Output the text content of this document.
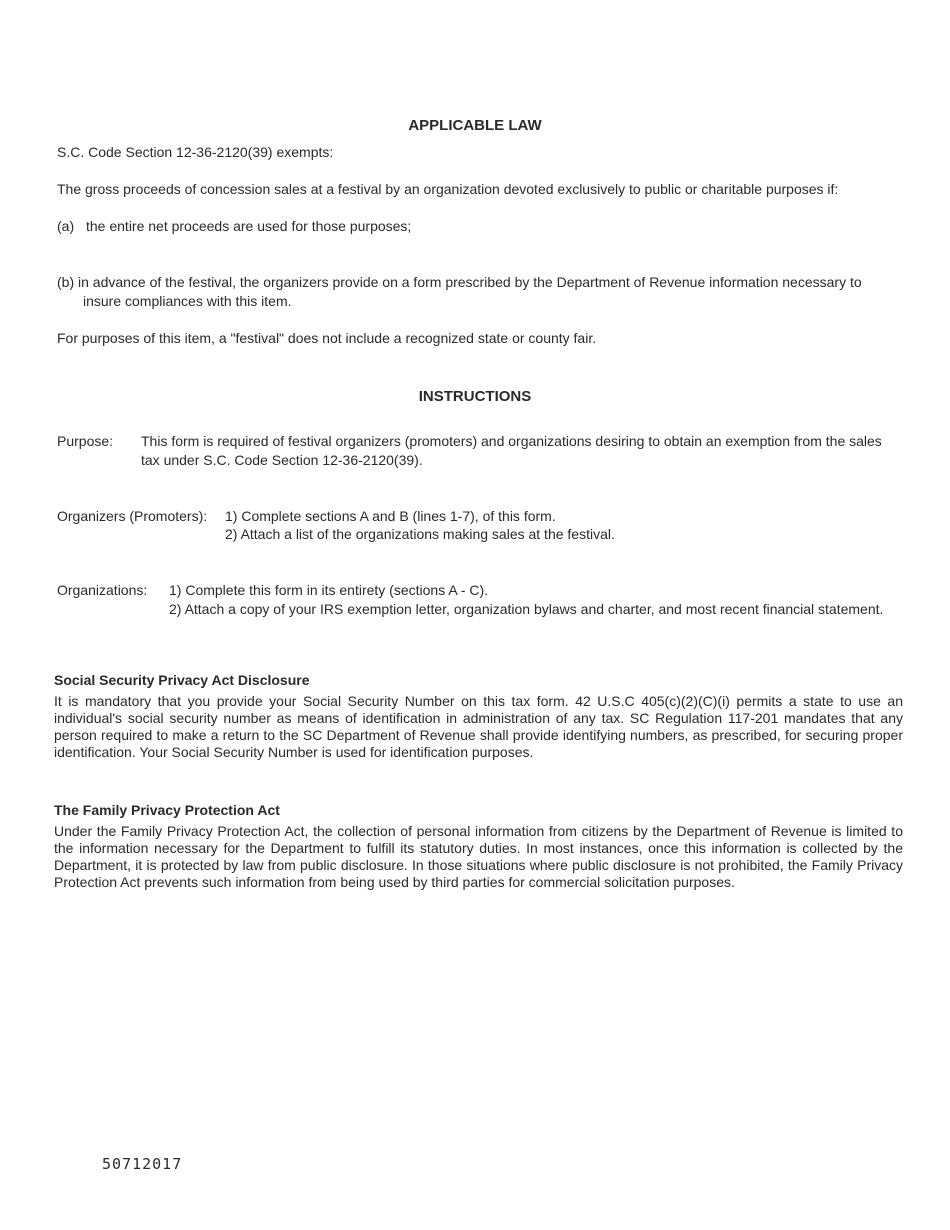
APPLICABLE LAW
S.C. Code Section 12-36-2120(39) exempts:
The gross proceeds of concession sales at a festival by an organization devoted exclusively to public or charitable purposes if:
(a) the entire net proceeds are used for those purposes;
(b) in advance of the festival, the organizers provide on a form prescribed by the Department of Revenue information necessary to
insure compliances with this item.
For purposes of this item, a "festival" does not include a recognized state or county fair.
INSTRUCTIONS
Purpose: This form is required of festival organizers (promoters) and organizations desiring to obtain an exemption from the sales
tax under S.C. Code Section 12-36-2120(39).
Organizers (Promoters): 1) Complete sections A and B (lines 1-7), of this form.
2) Attach a list of the organizations making sales at the festival.
Organizations: 1) Complete this form in its entirety (sections A - C).
2) Attach a copy of your IRS exemption letter, organization bylaws and charter, and most recent financial statement.
Social Security Privacy Act Disclosure
It is mandatory that you provide your Social Security Number on this tax form. 42 U.S.C 405(c)(2)(C)(i) permits a state to use an individual's social security number as means of identification in administration of any tax. SC Regulation 117-201 mandates that any person required to make a return to the SC Department of Revenue shall provide identifying numbers, as prescribed, for securing proper identification. Your Social Security Number is used for identification purposes.
The Family Privacy Protection Act
Under the Family Privacy Protection Act, the collection of personal information from citizens by the Department of Revenue is limited to the information necessary for the Department to fulfill its statutory duties. In most instances, once this information is collected by the Department, it is protected by law from public disclosure. In those situations where public disclosure is not prohibited, the Family Privacy Protection Act prevents such information from being used by third parties for commercial solicitation purposes.
50712017
